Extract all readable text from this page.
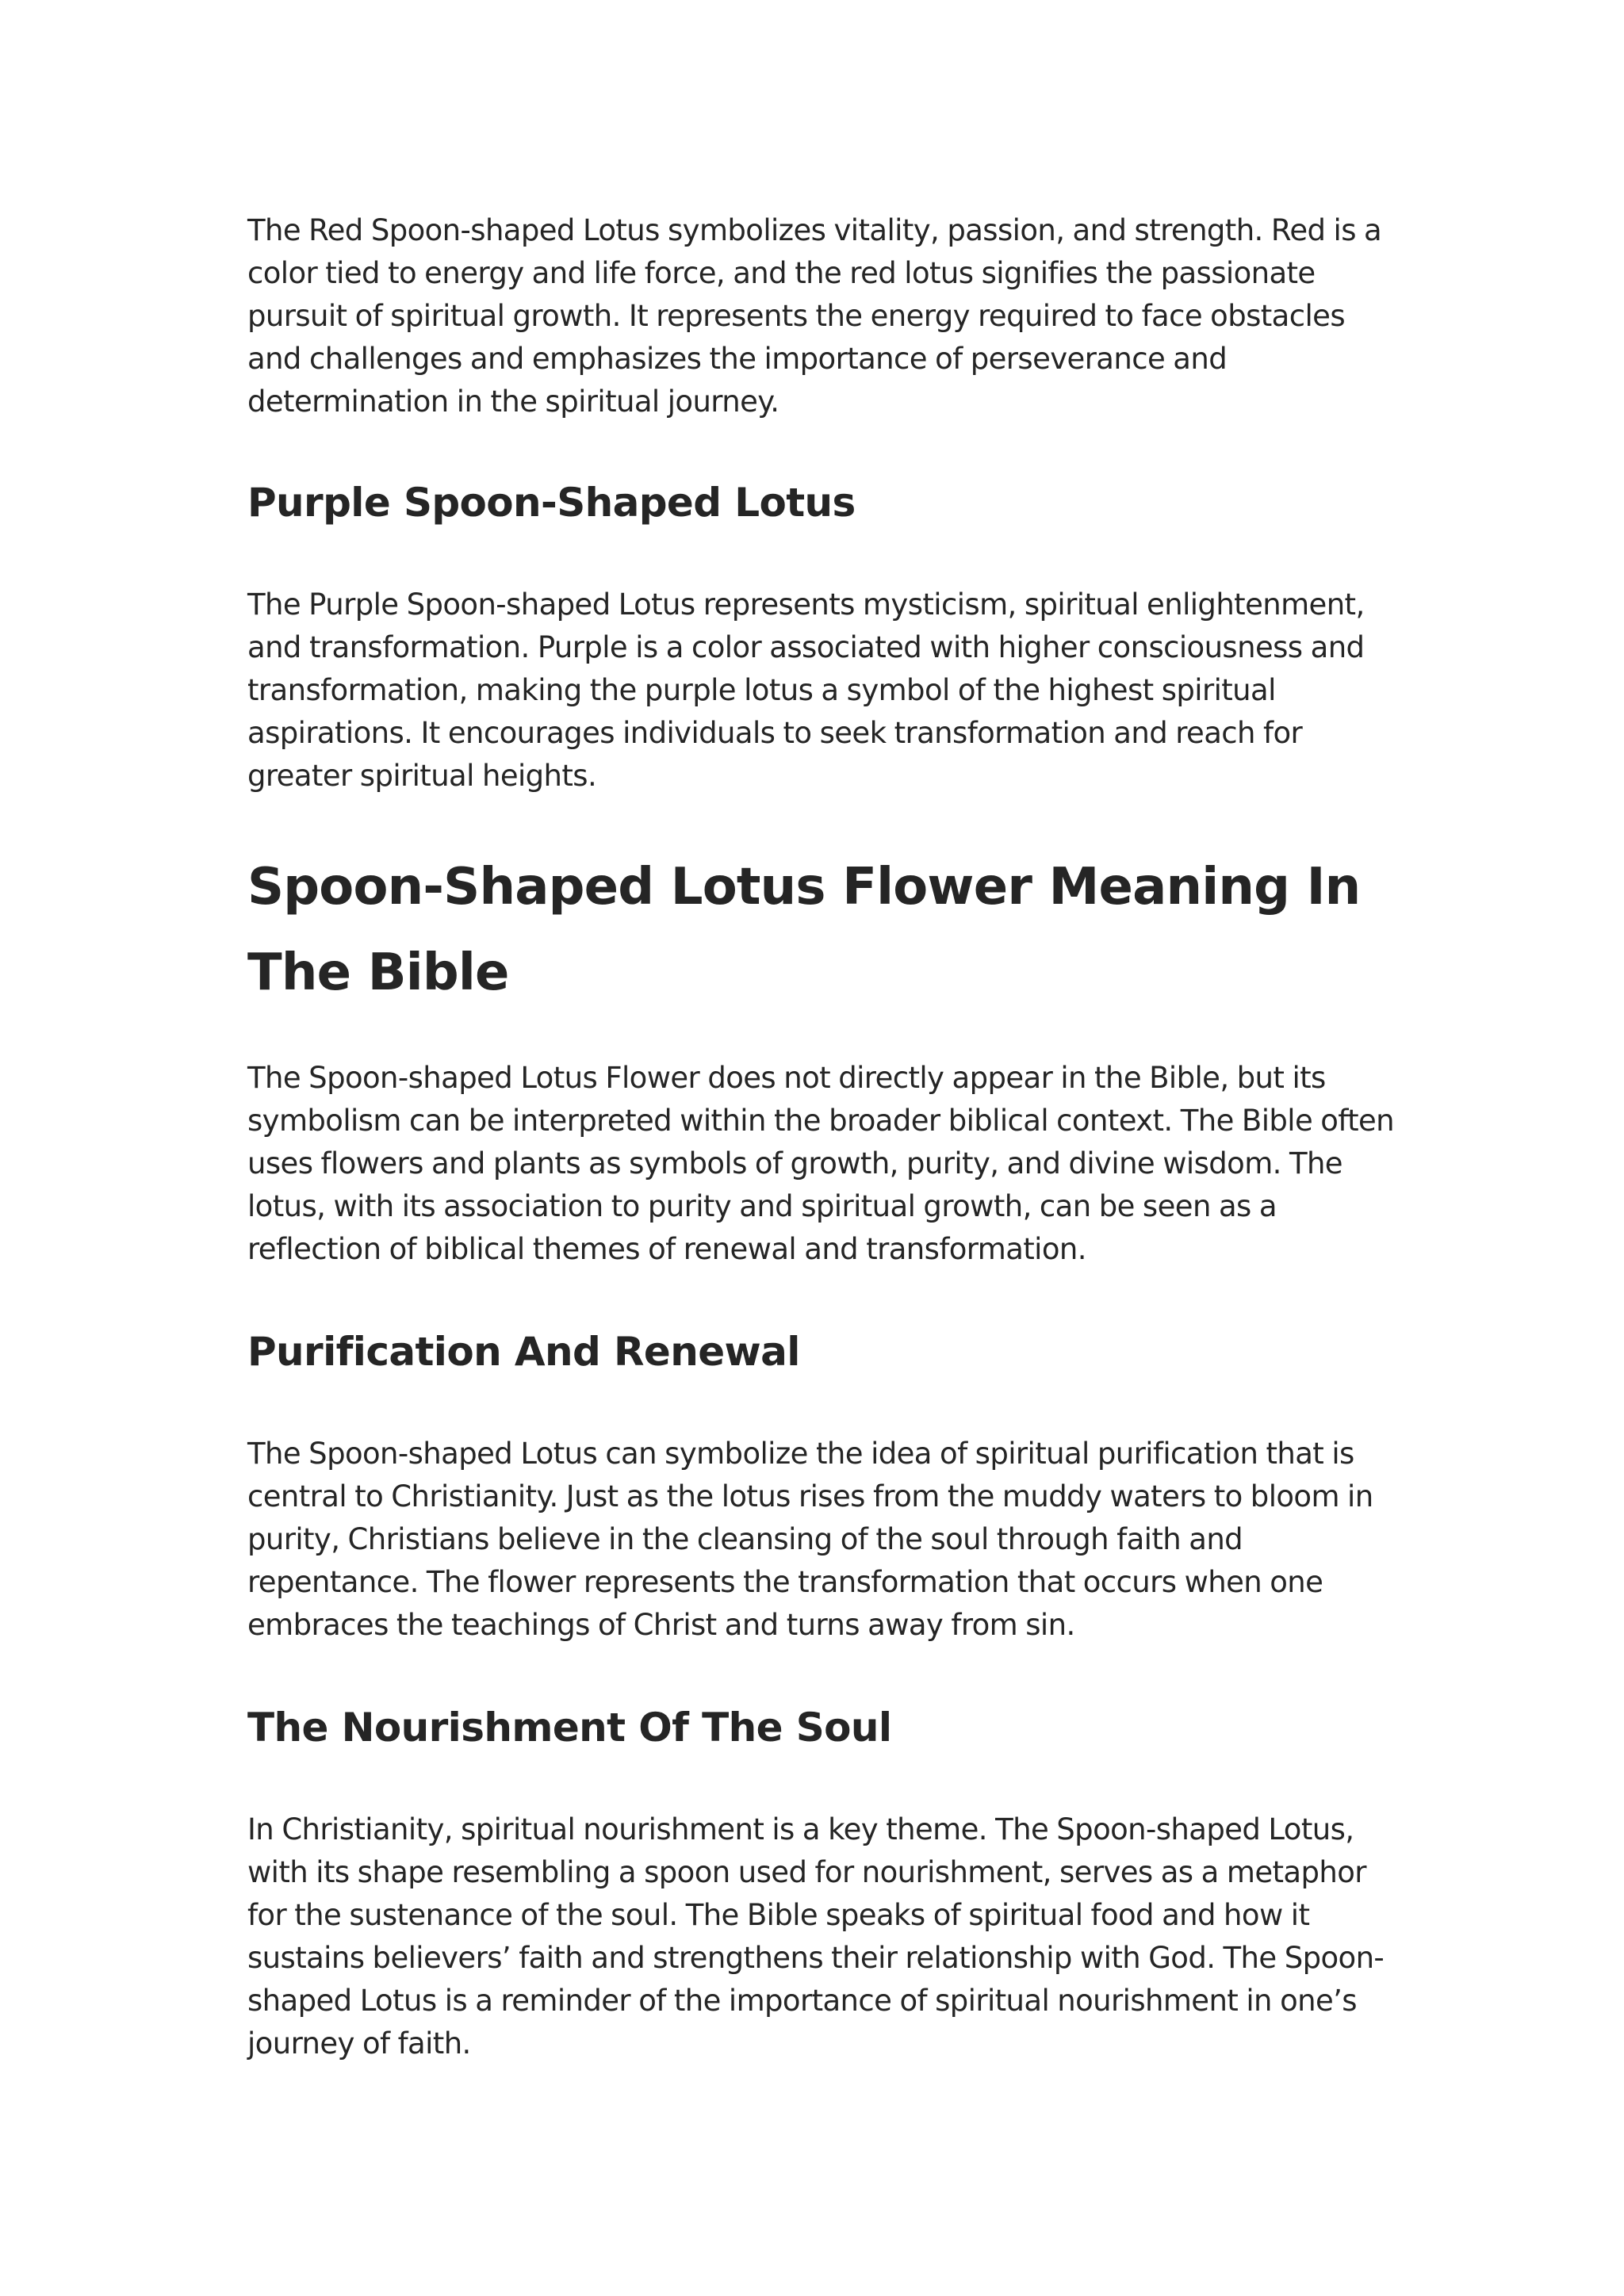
The Red Spoon-shaped Lotus symbolizes vitality, passion, and strength. Red is a color tied to energy and life force, and the red lotus signifies the passionate pursuit of spiritual growth. It represents the energy required to face obstacles and challenges and emphasizes the importance of perseverance and determination in the spiritual journey.

Purple Spoon-Shaped Lotus

The Purple Spoon-shaped Lotus represents mysticism, spiritual enlightenment, and transformation. Purple is a color associated with higher consciousness and transformation, making the purple lotus a symbol of the highest spiritual aspirations. It encourages individuals to seek transformation and reach for greater spiritual heights.

Spoon-Shaped Lotus Flower Meaning In The Bible

The Spoon-shaped Lotus Flower does not directly appear in the Bible, but its symbolism can be interpreted within the broader biblical context. The Bible often uses flowers and plants as symbols of growth, purity, and divine wisdom. The lotus, with its association to purity and spiritual growth, can be seen as a reflection of biblical themes of renewal and transformation.

Purification And Renewal

The Spoon-shaped Lotus can symbolize the idea of spiritual purification that is central to Christianity. Just as the lotus rises from the muddy waters to bloom in purity, Christians believe in the cleansing of the soul through faith and repentance. The flower represents the transformation that occurs when one embraces the teachings of Christ and turns away from sin.

The Nourishment Of The Soul

In Christianity, spiritual nourishment is a key theme. The Spoon-shaped Lotus, with its shape resembling a spoon used for nourishment, serves as a metaphor for the sustenance of the soul. The Bible speaks of spiritual food and how it sustains believers’ faith and strengthens their relationship with God. The Spoon-shaped Lotus is a reminder of the importance of spiritual nourishment in one’s journey of faith.
